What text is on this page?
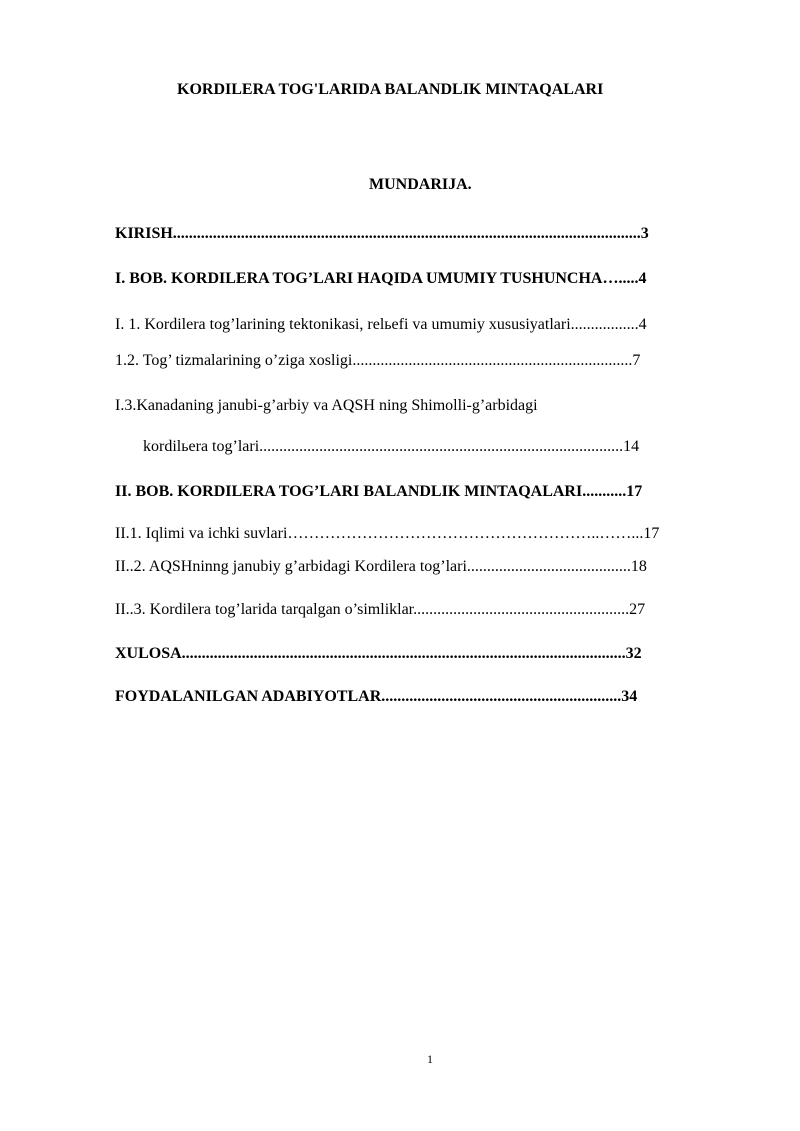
KORDILERA TOG'LARIDA BALANDLIK MINTAQALARI
MUNDARIJA.
KIRISH.....................................................................................................................3
I. BOB. KORDILERA TOG’LARI HAQIDA UMUMIY TUSHUNCHA….....4
I. 1. Kordilera tog’larining tektonikasi, relьefi va umumiy xususiyatlari.................4
1.2. Tog’ tizmalarining o’ziga xosligi......................................................................7
I.3.Kanadaning janubi-g’arbiy va AQSH ning Shimolli-g’arbidagi
kordilьera tog’lari...........................................................................................14
II. BOB. KORDILERA TOG’LARI BALANDLIK MINTAQALARI...........17
II.1. Iqlimi va ichki suvlari…………………………………………………..……...17
II..2. AQSHninng janubiy g’arbidagi Kordilera tog’lari.........................................18
II..3. Kordilera tog’larida tarqalgan o’simliklar......................................................27
XULOSA...............................................................................................................32
FOYDALANILGAN ADABIYOTLAR............................................................34
1
